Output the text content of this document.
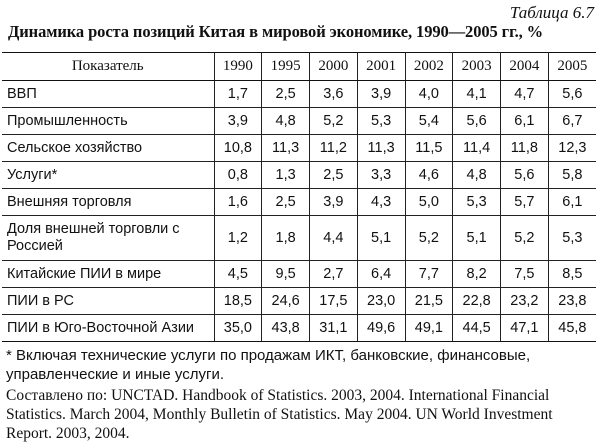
Таблица 6.7
Динамика роста позиций Китая в мировой экономике, 1990—2005 гг., %
Показатель	1990	1995	2000	2001	2002	2003	2004	2005
ВВП	1,7	2,5	3,6	3,9	4,0	4,1	4,7	5,6
Промышленность	3,9	4,8	5,2	5,3	5,4	5,6	6,1	6,7
Сельское хозяйство	10,8	11,3	11,2	11,3	11,5	11,4	11,8	12,3
Услуги*	0,8	1,3	2,5	3,3	4,6	4,8	5,6	5,8
Внешняя торговля	1,6	2,5	3,9	4,3	5,0	5,3	5,7	6,1
Доля внешней торговли с Россией	1,2	1,8	4,4	5,1	5,2	5,1	5,2	5,3
Китайские ПИИ в мире	4,5	9,5	2,7	6,4	7,7	8,2	7,5	8,5
ПИИ в РС	18,5	24,6	17,5	23,0	21,5	22,8	23,2	23,8
ПИИ в Юго-Восточной Азии	35,0	43,8	31,1	49,6	49,1	44,5	47,1	45,8
* Включая технические услуги по продажам ИКТ, банковские, финансовые, управленческие и иные услуги.
Составлено по: UNCTAD. Handbook of Statistics. 2003, 2004. International Financial Statistics. March 2004, Monthly Bulletin of Statistics. May 2004. UN World Investment Report. 2003, 2004.
